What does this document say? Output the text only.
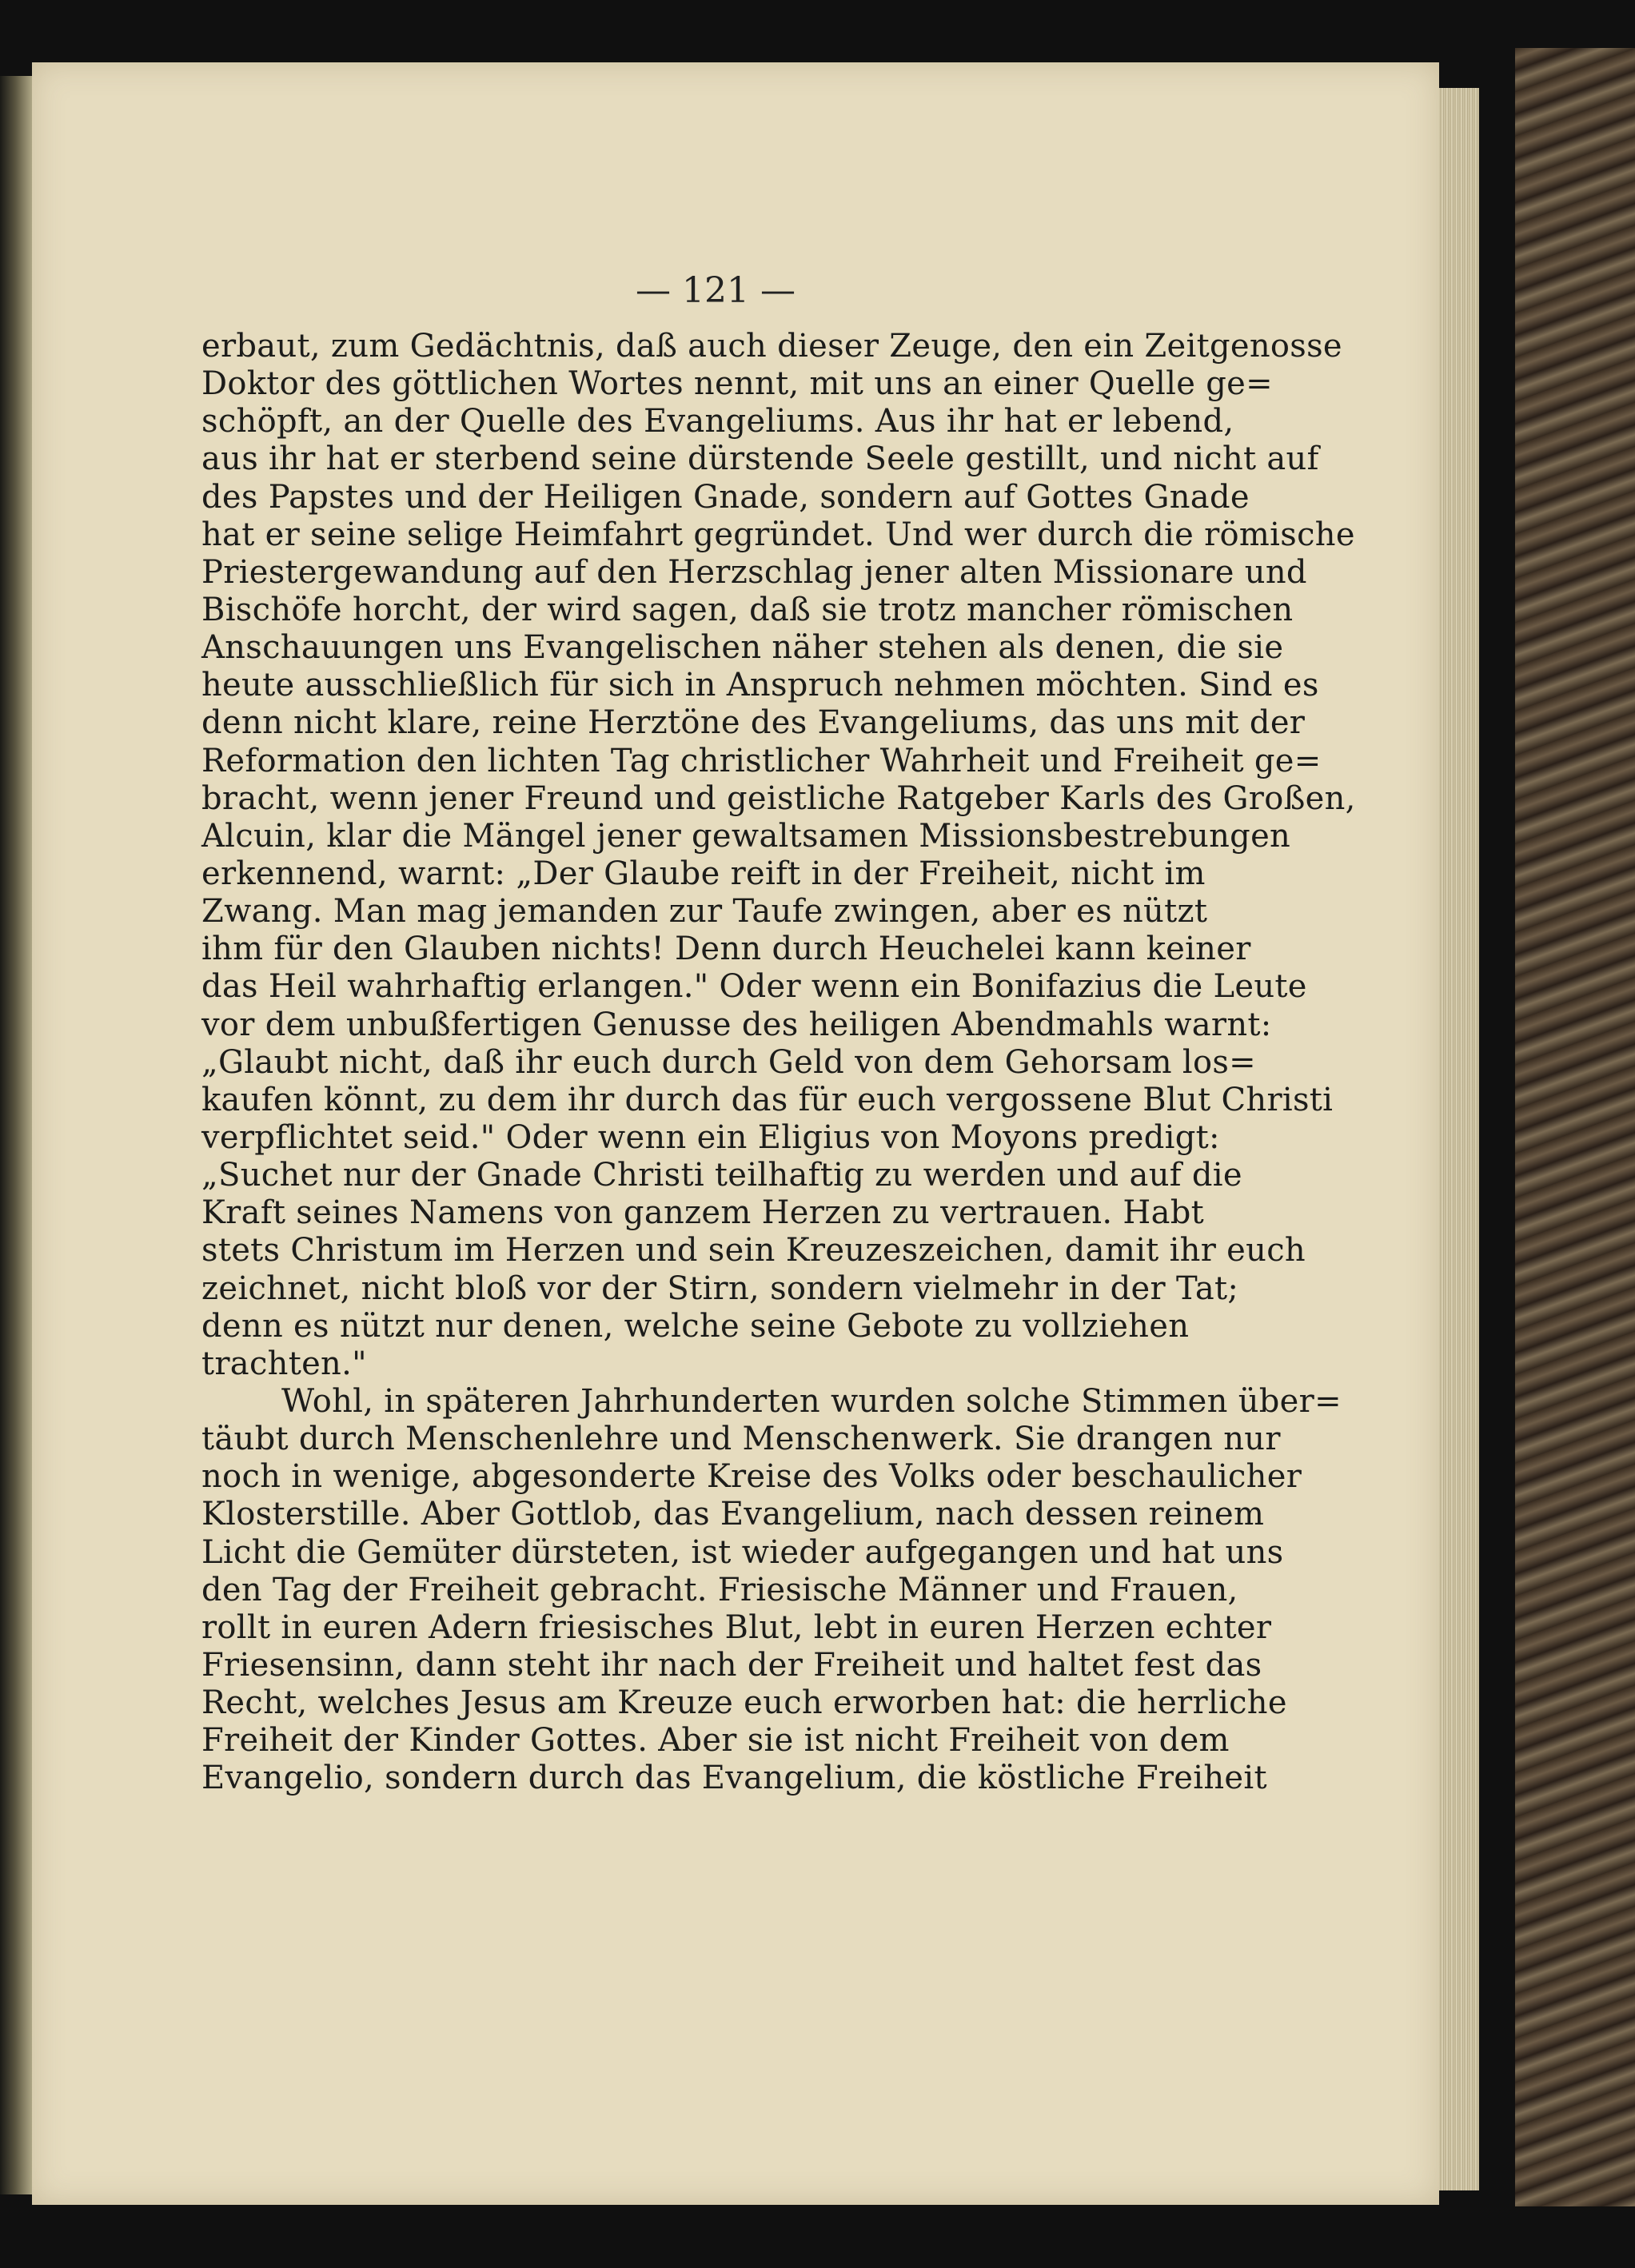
— 121 —
erbaut, zum Gedächtnis, daß auch dieser Zeuge, den ein Zeitgenosse
Doktor des göttlichen Wortes nennt, mit uns an einer Quelle ge=
schöpft, an der Quelle des Evangeliums. Aus ihr hat er lebend,
aus ihr hat er sterbend seine dürstende Seele gestillt, und nicht auf
des Papstes und der Heiligen Gnade, sondern auf Gottes Gnade
hat er seine selige Heimfahrt gegründet. Und wer durch die römische
Priestergewandung auf den Herzschlag jener alten Missionare und
Bischöfe horcht, der wird sagen, daß sie trotz mancher römischen
Anschauungen uns Evangelischen näher stehen als denen, die sie
heute ausschließlich für sich in Anspruch nehmen möchten. Sind es
denn nicht klare, reine Herztöne des Evangeliums, das uns mit der
Reformation den lichten Tag christlicher Wahrheit und Freiheit ge=
bracht, wenn jener Freund und geistliche Ratgeber Karls des Großen,
Alcuin, klar die Mängel jener gewaltsamen Missionsbestrebungen
erkennend, warnt: „Der Glaube reift in der Freiheit, nicht im
Zwang. Man mag jemanden zur Taufe zwingen, aber es nützt
ihm für den Glauben nichts! Denn durch Heuchelei kann keiner
das Heil wahrhaftig erlangen." Oder wenn ein Bonifazius die Leute
vor dem unbußfertigen Genusse des heiligen Abendmahls warnt:
„Glaubt nicht, daß ihr euch durch Geld von dem Gehorsam los=
kaufen könnt, zu dem ihr durch das für euch vergossene Blut Christi
verpflichtet seid." Oder wenn ein Eligius von Moyons predigt:
„Suchet nur der Gnade Christi teilhaftig zu werden und auf die
Kraft seines Namens von ganzem Herzen zu vertrauen. Habt
stets Christum im Herzen und sein Kreuzeszeichen, damit ihr euch
zeichnet, nicht bloß vor der Stirn, sondern vielmehr in der Tat;
denn es nützt nur denen, welche seine Gebote zu vollziehen
trachten."
Wohl, in späteren Jahrhunderten wurden solche Stimmen über=
täubt durch Menschenlehre und Menschenwerk. Sie drangen nur
noch in wenige, abgesonderte Kreise des Volks oder beschaulicher
Klosterstille. Aber Gottlob, das Evangelium, nach dessen reinem
Licht die Gemüter dürsteten, ist wieder aufgegangen und hat uns
den Tag der Freiheit gebracht. Friesische Männer und Frauen,
rollt in euren Adern friesisches Blut, lebt in euren Herzen echter
Friesensinn, dann steht ihr nach der Freiheit und haltet fest das
Recht, welches Jesus am Kreuze euch erworben hat: die herrliche
Freiheit der Kinder Gottes. Aber sie ist nicht Freiheit von dem
Evangelio, sondern durch das Evangelium, die köstliche Freiheit
